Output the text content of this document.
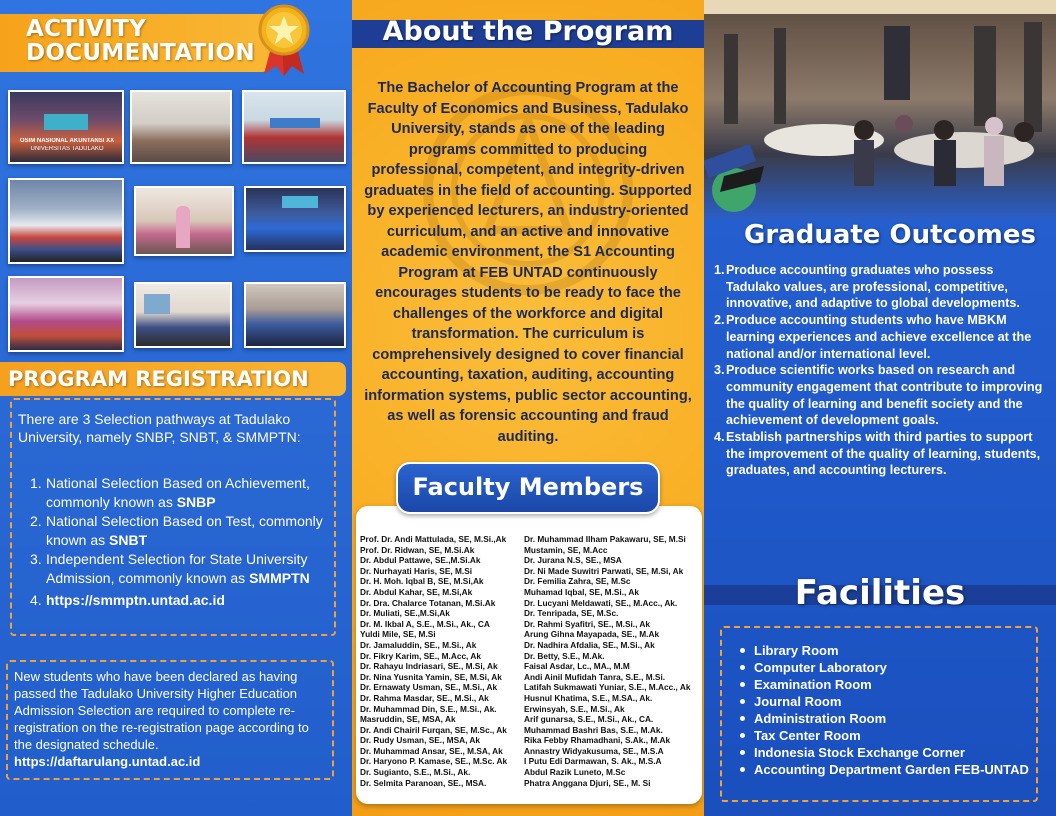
ACTIVITY
DOCUMENTATION
OSIM NASIONAL AKUNTANSI XX
UNIVERSITAS TADULAKO
PROGRAM REGISTRATION
There are 3 Selection pathways at Tadulako University, namely SNBP, SNBT, & SMMPTN:
1. National Selection Based on Achievement, commonly known as SNBP
2. National Selection Based on Test, commonly known as SNBT
3. Independent Selection for State University Admission, commonly known as SMMPTN
4. https://smmptn.untad.ac.id
New students who have been declared as having passed the Tadulako University Higher Education Admission Selection are required to complete re-registration on the re-registration page according to the designated schedule.
https://daftarulang.untad.ac.id
About the Program
The Bachelor of Accounting Program at the Faculty of Economics and Business, Tadulako University, stands as one of the leading programs committed to producing professional, competent, and integrity-driven graduates in the field of accounting. Supported by experienced lecturers, an industry-oriented curriculum, and an active and innovative academic environment, the S1 Accounting Program at FEB UNTAD continuously encourages students to be ready to face the challenges of the workforce and digital transformation. The curriculum is comprehensively designed to cover financial accounting, taxation, auditing, accounting information systems, public sector accounting, as well as forensic accounting and fraud auditing.
Faculty Members
Prof. Dr. Andi Mattulada, SE, M.Si.,Ak
Prof. Dr. Ridwan, SE, M.Si.Ak
Dr. Abdul Pattawe, SE.,M.Si.Ak
Dr. Nurhayati Haris, SE, M.Si
Dr. H. Moh. Iqbal B, SE, M.Si,Ak
Dr. Abdul Kahar, SE, M.Si,Ak
Dr. Dra. Chalarce Totanan, M.Si.Ak
Dr. Muliati, SE.,M.Si,Ak
Dr. M. Ikbal A, S.E., M.Si., Ak., CA
Yuldi Mile, SE, M.Si
Dr. Jamaluddin, SE., M.Si., Ak
Dr. Fikry Karim, SE., M.Acc, Ak
Dr. Rahayu Indriasari, SE., M.Si, Ak
Dr. Nina Yusnita Yamin, SE, M.Si, Ak
Dr. Ernawaty Usman, SE., M.Si., Ak
Dr. Rahma Masdar, SE., M.Si., Ak
Dr. Muhammad Din, S.E., M.Si., Ak.
Masruddin, SE, MSA, Ak
Dr. Andi Chairil Furqan, SE, M.Sc., Ak
Dr. Rudy Usman, SE., MSA, Ak
Dr. Muhammad Ansar, SE., M.SA, Ak
Dr. Haryono P. Kamase, SE., M.Sc. Ak
Dr. Sugianto, S.E., M.Si., Ak.
Dr. Selmita Paranoan, SE., MSA.
Dr. Muhammad Ilham Pakawaru, SE, M.Si
Mustamin, SE, M.Acc
Dr. Jurana N.S, SE., MSA
Dr. Ni Made Suwitri Parwati, SE, M.Si, Ak
Dr. Femilia Zahra, SE, M.Sc
Muhamad Iqbal, SE, M.Si., Ak
Dr. Lucyani Meldawati, SE., M.Acc., Ak.
Dr. Tenripada, SE, M.Sc.
Dr. Rahmi Syafitri, SE., M.Si., Ak
Arung Gihna Mayapada, SE., M.Ak
Dr. Nadhira Afdalia, SE., M.Si., Ak
Dr. Betty, S.E., M.Ak.
Faisal Asdar, Lc., MA., M.M
Andi Ainil Mufidah Tanra, S.E., M.Si.
Latifah Sukmawati Yuniar, S.E., M.Acc., Ak
Husnul Khatima, S.E., M.SA., Ak.
Erwinsyah, S.E., M.Si., Ak
Arif gunarsa, S.E., M.Si., Ak., CA.
Muhammad Bashri Bas, S.E., M.Ak.
Rika Febby Rhamadhani, S.Ak., M.Ak
Annastry Widyakusuma, SE., M.S.A
I Putu Edi Darmawan, S. Ak., M.S.A
Abdul Razik Luneto, M.Sc
Phatra Anggana Djuri, SE., M. Si
Graduate Outcomes
1. Produce accounting graduates who possess Tadulako values, are professional, competitive, innovative, and adaptive to global developments.
2. Produce accounting students who have MBKM learning experiences and achieve excellence at the national and/or international level.
3. Produce scientific works based on research and community engagement that contribute to improving the quality of learning and benefit society and the achievement of development goals.
4. Establish partnerships with third parties to support the improvement of the quality of learning, students, graduates, and accounting lecturers.
Facilities
Library Room
Computer Laboratory
Examination Room
Journal Room
Administration Room
Tax Center Room
Indonesia Stock Exchange Corner
Accounting Department Garden FEB-UNTAD
